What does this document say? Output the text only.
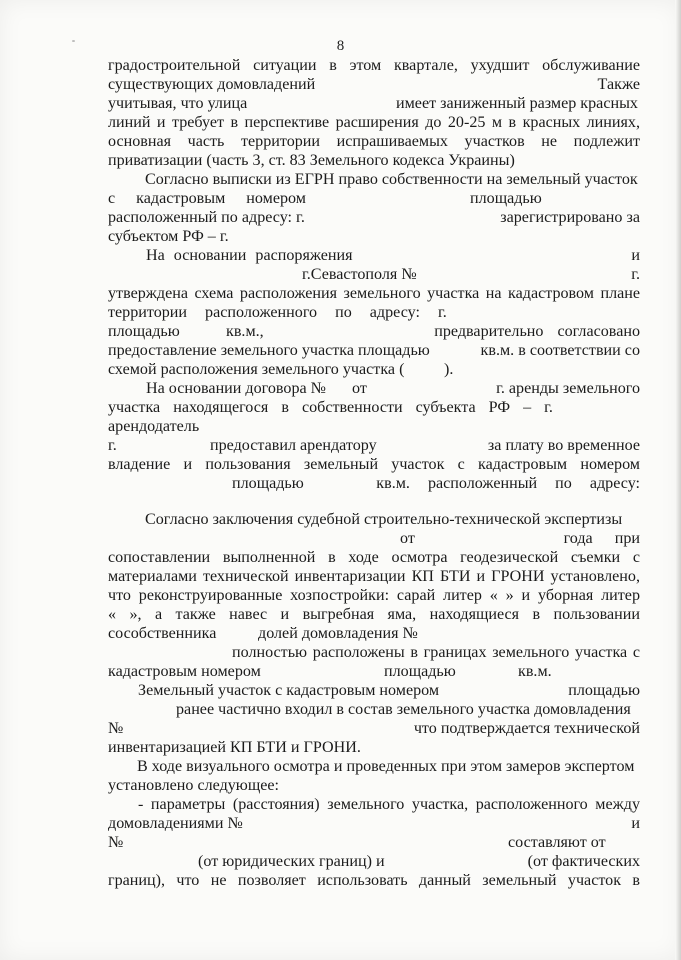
8
градостроительной ситуации в этом квартале, ухудшит обслуживание
существующих домовладений	Также
учитывая, что улица	имеет заниженный размер красных
линий и требует в перспективе расширения до 20-25 м в красных линиях,
основная часть территории испрашиваемых участков не подлежит
приватизации (часть 3, ст. 83 Земельного кодекса Украины)
Согласно выписки из ЕГРН право собственности на земельный участок
с кадастровым номером	площадью
расположенный по адресу: г.	зарегистрировано за
субъектом РФ – г.
На основании распоряжения	и
г.Севастополя №	г.
утверждена схема расположения земельного участка на кадастровом плане
территории расположенного по адресу: г.
площадью	кв.м.,	предварительно согласовано
предоставление земельного участка площадью	кв.м. в соответствии со
схемой расположения земельного участка ( ).
На основании договора № от	г. аренды земельного
участка находящегося в собственности субъекта РФ – г.
арендодатель
г.	предоставил арендатору	за плату во временное
владение и пользования земельный участок с кадастровым номером
площадью	кв.м. расположенный по адресу:
Согласно заключения судебной строительно-технической экспертизы
от	года при
сопоставлении выполненной в ходе осмотра геодезической съемки с
материалами технической инвентаризации КП БТИ и ГРОНИ установлено,
что реконструированные хозпостройки: сарай литер « » и уборная литер
« », а также навес и выгребная яма, находящиеся в пользовании
сособственника	долей домовладения №
полностью расположены в границах земельного участка с
кадастровым номером	площадью	кв.м.
Земельный участок с кадастровым номером	площадью
ранее частично входил в состав земельного участка домовладения
№	что подтверждается технической
инвентаризацией КП БТИ и ГРОНИ.
В ходе визуального осмотра и проведенных при этом замеров экспертом
установлено следующее:
- параметры (расстояния) земельного участка, расположенного между
домовладениями №	и
№	составляют от
(от юридических границ) и	(от фактических
границ), что не позволяет использовать данный земельный участок в
